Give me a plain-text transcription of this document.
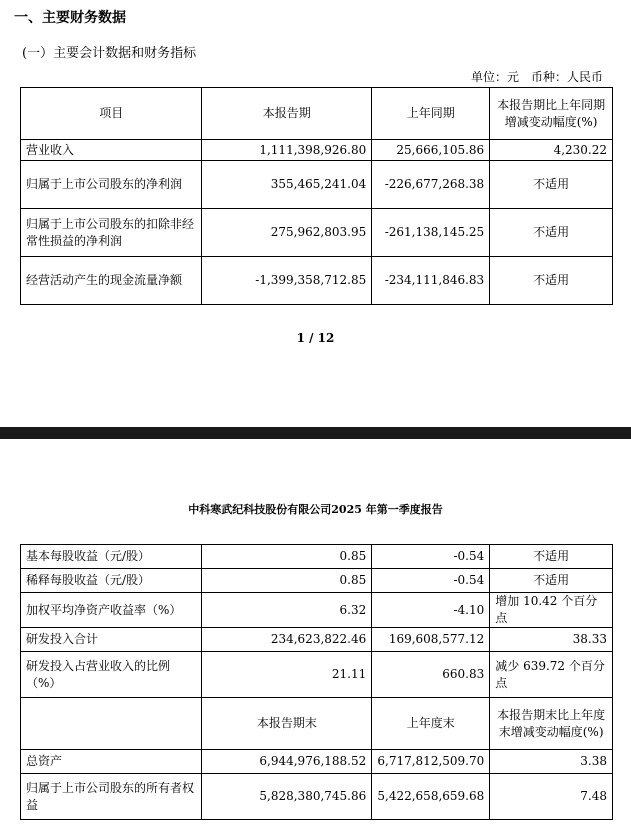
一、主要财务数据
(一）主要会计数据和财务指标
单位：元　币种：人民币
项目	本报告期	上年同期	本报告期比上年同期增减变动幅度(%)
营业收入	1,111,398,926.80	25,666,105.86	4,230.22
归属于上市公司股东的净利润	355,465,241.04	-226,677,268.38	不适用
归属于上市公司股东的扣除非经常性损益的净利润	275,962,803.95	-261,138,145.25	不适用
经营活动产生的现金流量净额	-1,399,358,712.85	-234,111,846.83	不适用
1 / 12
中科寒武纪科技股份有限公司2025 年第一季度报告
基本每股收益（元/股）	0.85	-0.54	不适用
稀释每股收益（元/股）	0.85	-0.54	不适用
加权平均净资产收益率（%）	6.32	-4.10	增加 10.42 个百分点
研发投入合计	234,623,822.46	169,608,577.12	38.33
研发投入占营业收入的比例（%）	21.11	660.83	减少 639.72 个百分点
	本报告期末	上年度末	本报告期末比上年度末增减变动幅度(%)
总资产	6,944,976,188.52	6,717,812,509.70	3.38
归属于上市公司股东的所有者权益	5,828,380,745.86	5,422,658,659.68	7.48
